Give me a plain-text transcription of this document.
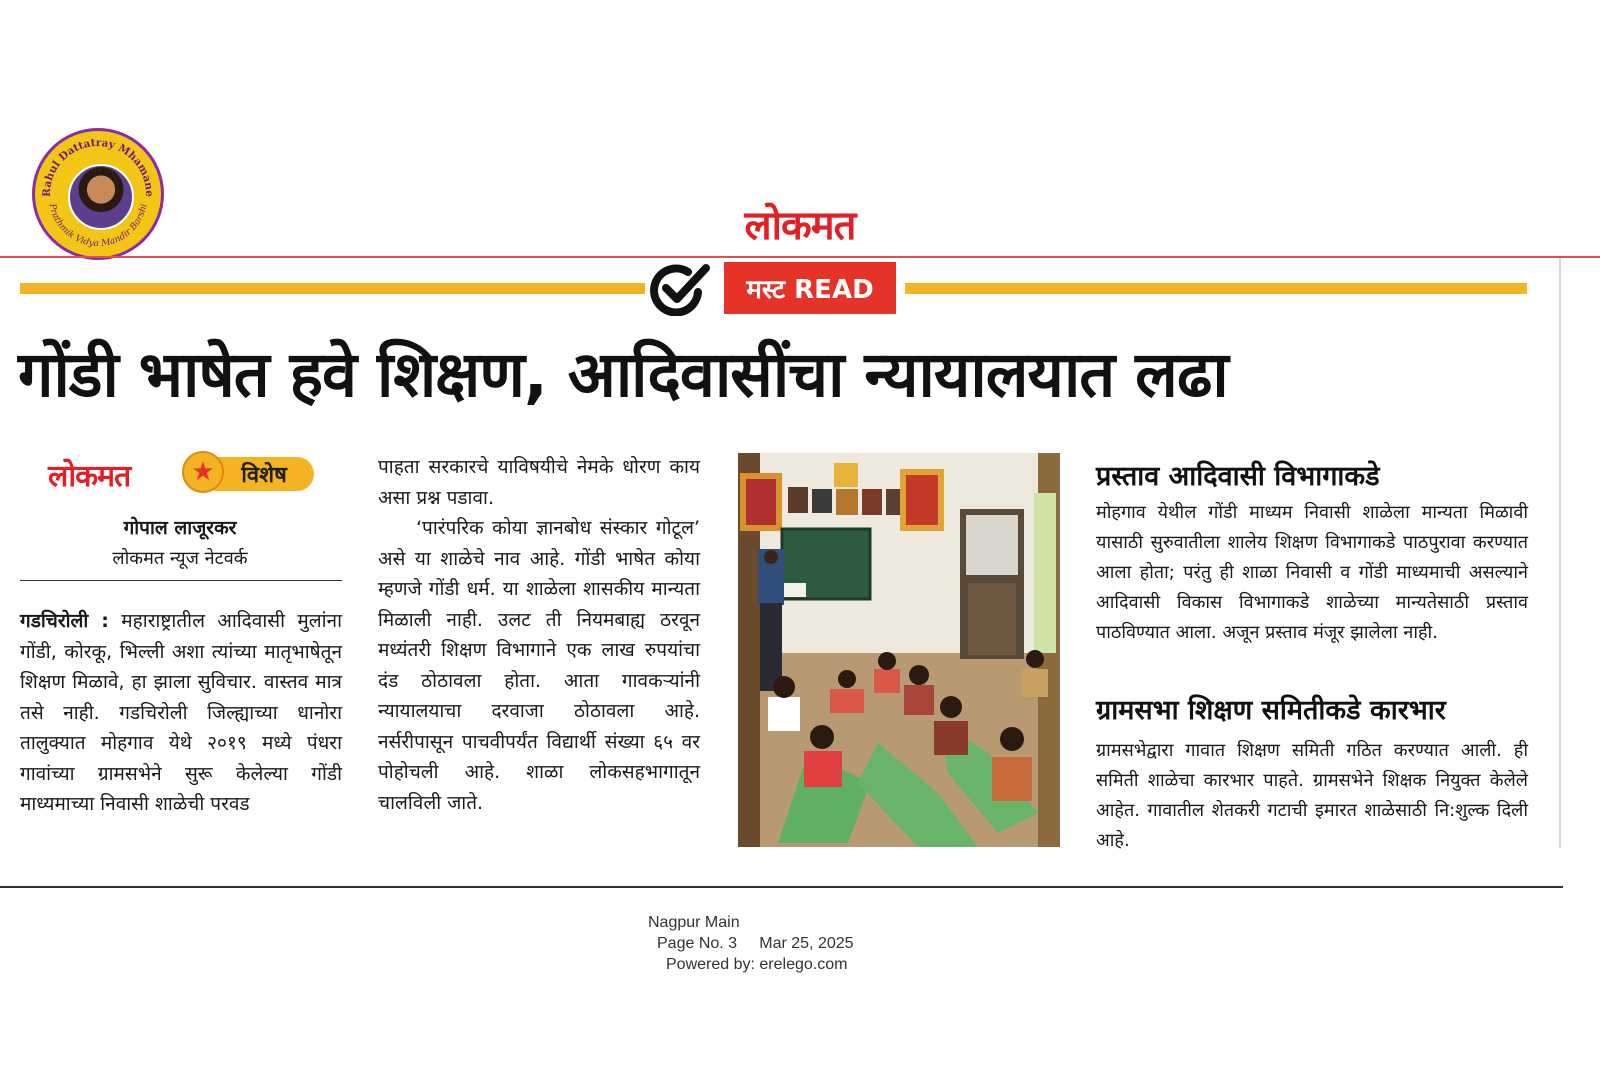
Rahul Dattatray Mhamane
Prathmik Vidya Mandir Barshi	लोकमत
मस्ट READ
गोंडी भाषेत हवे शिक्षण, आदिवासींचा न्यायालयात लढा
लोकमत	विशेष
★
गोपाल लाजूरकर
लोकमत न्यूज नेटवर्क

गडचिरोली : महाराष्ट्रातील आदिवासी मुलांना गोंडी, कोरकू, भिल्ली अशा त्यांच्या मातृभाषेतून शिक्षण मिळावे, हा झाला सुविचार. वास्तव मात्र तसे नाही. गडचिरोली जिल्ह्याच्या धानोरा तालुक्यात मोहगाव येथे २०१९ मध्ये पंधरा गावांच्या ग्रामसभेने सुरू केलेल्या गोंडी माध्यमाच्या निवासी शाळेची परवड

पाहता सरकारचे याविषयीचे नेमके धोरण काय असा प्रश्न पडावा.

‘पारंपरिक कोया ज्ञानबोध संस्कार गोटूल’ असे या शाळेचे नाव आहे. गोंडी भाषेत कोया म्हणजे गोंडी धर्म. या शाळेला शासकीय मान्यता मिळाली नाही. उलट ती नियमबाह्य ठरवून मध्यंतरी शिक्षण विभागाने एक लाख रुपयांचा दंड ठोठावला होता. आता गावकऱ्यांनी न्यायालयाचा दरवाजा ठोठावला आहे. नर्सरीपासून पाचवीपर्यंत विद्यार्थी संख्या ६५ वर पोहोचली आहे. शाळा लोकसहभागातून चालविली जाते.

प्रस्ताव आदिवासी विभागाकडे
मोहगाव येथील गोंडी माध्यम निवासी शाळेला मान्यता मिळावी यासाठी सुरुवातीला शालेय शिक्षण विभागाकडे पाठपुरावा करण्यात आला होता; परंतु ही शाळा निवासी व गोंडी माध्यमाची असल्याने आदिवासी विकास विभागाकडे शाळेच्या मान्यतेसाठी प्रस्ताव पाठविण्यात आला. अजून प्रस्ताव मंजूर झालेला नाही.
ग्रामसभा शिक्षण समितीकडे कारभार
ग्रामसभेद्वारा गावात शिक्षण समिती गठित करण्यात आली. ही समिती शाळेचा कारभार पाहते. ग्रामसभेने शिक्षक नियुक्त केलेले आहेत. गावातील शेतकरी गटाची इमारत शाळेसाठी नि:शुल्क दिली आहे.
Nagpur Main
Page No. 3     Mar 25, 2025
Powered by: erelego.com
